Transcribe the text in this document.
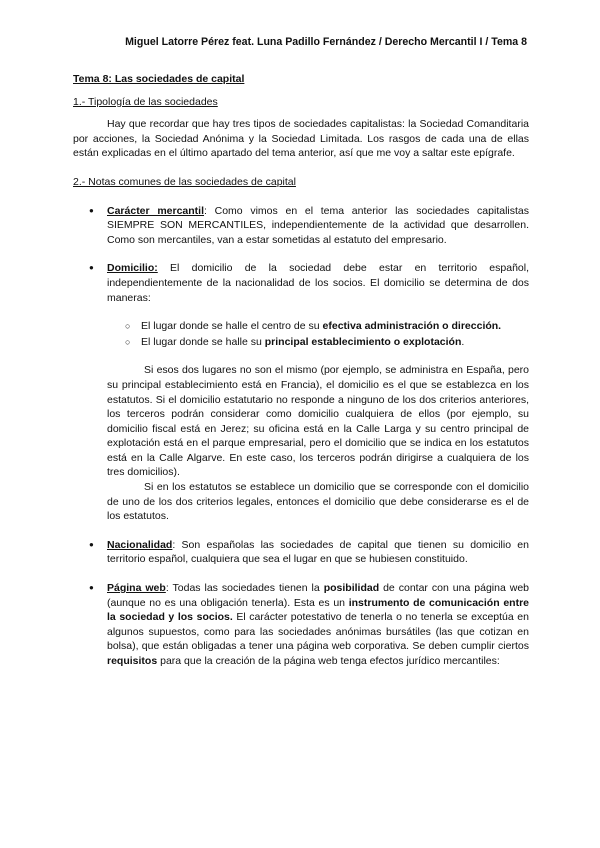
Miguel Latorre Pérez feat. Luna Padillo Fernández / Derecho Mercantil I / Tema 8

Tema 8: Las sociedades de capital

1.- Tipología de las sociedades

Hay que recordar que hay tres tipos de sociedades capitalistas: la Sociedad Comanditaria por acciones, la Sociedad Anónima y la Sociedad Limitada. Los rasgos de cada una de ellas están explicadas en el último apartado del tema anterior, así que me voy a saltar este epígrafe.

2.- Notas comunes de las sociedades de capital

● Carácter mercantil: Como vimos en el tema anterior las sociedades capitalistas SIEMPRE SON MERCANTILES, independientemente de la actividad que desarrollen. Como son mercantiles, van a estar sometidas al estatuto del empresario.

● Domicilio: El domicilio de la sociedad debe estar en territorio español, independientemente de la nacionalidad de los socios. El domicilio se determina de dos maneras:

○ El lugar donde se halle el centro de su efectiva administración o dirección.
○ El lugar donde se halle su principal establecimiento o explotación.

Si esos dos lugares no son el mismo (por ejemplo, se administra en España, pero su principal establecimiento está en Francia), el domicilio es el que se establezca en los estatutos. Si el domicilio estatutario no responde a ninguno de los dos criterios anteriores, los terceros podrán considerar como domicilio cualquiera de ellos (por ejemplo, su domicilio fiscal está en Jerez; su oficina está en la Calle Larga y su centro principal de explotación está en el parque empresarial, pero el domicilio que se indica en los estatutos está en la Calle Algarve. En este caso, los terceros podrán dirigirse a cualquiera de los tres domicilios).

Si en los estatutos se establece un domicilio que se corresponde con el domicilio de uno de los dos criterios legales, entonces el domicilio que debe considerarse es el de los estatutos.

● Nacionalidad: Son españolas las sociedades de capital que tienen su domicilio en territorio español, cualquiera que sea el lugar en que se hubiesen constituido.

● Página web: Todas las sociedades tienen la posibilidad de contar con una página web (aunque no es una obligación tenerla). Esta es un instrumento de comunicación entre la sociedad y los socios. El carácter potestativo de tenerla o no tenerla se exceptúa en algunos supuestos, como para las sociedades anónimas bursátiles (las que cotizan en bolsa), que están obligadas a tener una página web corporativa. Se deben cumplir ciertos requisitos para que la creación de la página web tenga efectos jurídico mercantiles:
